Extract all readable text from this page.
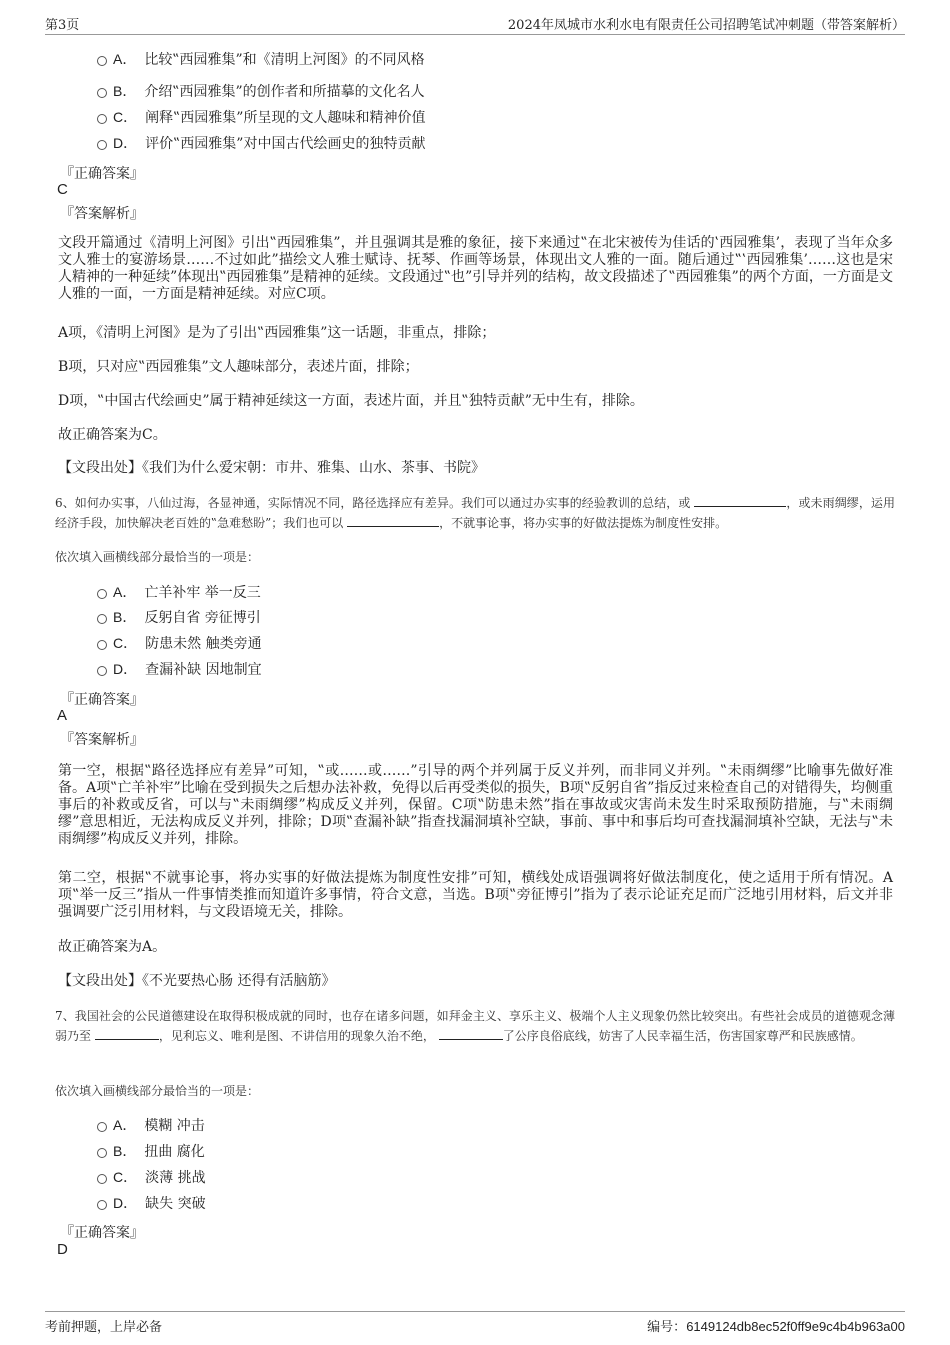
第3页	2024年凤城市水利水电有限责任公司招聘笔试冲刺题（带答案解析）
A． 比较‟西园雅集”和《清明上河图》的不同风格
B． 介绍‟西园雅集”的创作者和所描摹的文化名人
C． 阐释‟西园雅集”所呈现的文人趣味和精神价值
D． 评价‟西园雅集”对中国古代绘画史的独特贡献
『正确答案』
C
『答案解析』
文段开篇通过《清明上河图》引出‟西园雅集”，并且强调其是雅的象征，接下来通过‟在北宋被传为佳话的‛西园雅集’，表现了当年众多文人雅士的宴游场景……不过如此”描绘文人雅士赋诗、抚琴、作画等场景，体现出文人雅的一面。随后通过‟‛西园雅集’……这也是宋人精神的一种延续”体现出‟西园雅集”是精神的延续。文段通过‟也”引导并列的结构，故文段描述了‟西园雅集”的两个方面，一方面是文人雅的一面，一方面是精神延续。对应C项。
A项，《清明上河图》是为了引出‟西园雅集”这一话题，非重点，排除；
B项，只对应‟西园雅集”文人趣味部分，表述片面，排除；
D项，‟中国古代绘画史”属于精神延续这一方面，表述片面，并且‟独特贡献”无中生有，排除。
故正确答案为C。
【文段出处】《我们为什么爱宋朝：市井、雅集、山水、茶事、书院》
6、如何办实事，八仙过海，各显神通，实际情况不同，路径选择应有差异。我们可以通过办实事的经验教训的总结，或	，或未雨绸缪，运用经济手段，加快解决老百姓的‟急难愁盼”；我们也可以	，不就事论事，将办实事的好做法提炼为制度性安排。
依次填入画横线部分最恰当的一项是：
A． 亡羊补牢 举一反三
B． 反躬自省 旁征博引
C． 防患未然 触类旁通
D． 查漏补缺 因地制宜
『正确答案』
A
『答案解析』
第一空，根据‟路径选择应有差异”可知，‟或……或……”引导的两个并列属于反义并列，而非同义并列。‟未雨绸缪”比喻事先做好准备。A项‟亡羊补牢”比喻在受到损失之后想办法补救，免得以后再受类似的损失，B项‟反躬自省”指反过来检查自己的对错得失，均侧重事后的补救或反省，可以与‟未雨绸缪”构成反义并列，保留。C项‟防患未然”指在事故或灾害尚未发生时采取预防措施，与‟未雨绸缪”意思相近，无法构成反义并列，排除；D项‟查漏补缺”指查找漏洞填补空缺，事前、事中和事后均可查找漏洞填补空缺，无法与‟未雨绸缪”构成反义并列，排除。
第二空，根据‟不就事论事，将办实事的好做法提炼为制度性安排”可知，横线处成语强调将好做法制度化，使之适用于所有情况。A项‟举一反三”指从一件事情类推而知道许多事情，符合文意，当选。B项‟旁征博引”指为了表示论证充足而广泛地引用材料，后文并非强调要广泛引用材料，与文段语境无关，排除。
故正确答案为A。
【文段出处】《不光要热心肠 还得有活脑筋》
7、我国社会的公民道德建设在取得积极成就的同时，也存在诸多问题，如拜金主义、享乐主义、极端个人主义现象仍然比较突出。有些社会成员的道德观念薄弱乃至	，见利忘义、唯利是图、不讲信用的现象久治不绝，	了公序良俗底线，妨害了人民幸福生活，伤害国家尊严和民族感情。
依次填入画横线部分最恰当的一项是：
A． 模糊 冲击
B． 扭曲 腐化
C． 淡薄 挑战
D． 缺失 突破
『正确答案』
D
考前押题，上岸必备	编号：6149124db8ec52f0ff9e9c4b4b963a00
